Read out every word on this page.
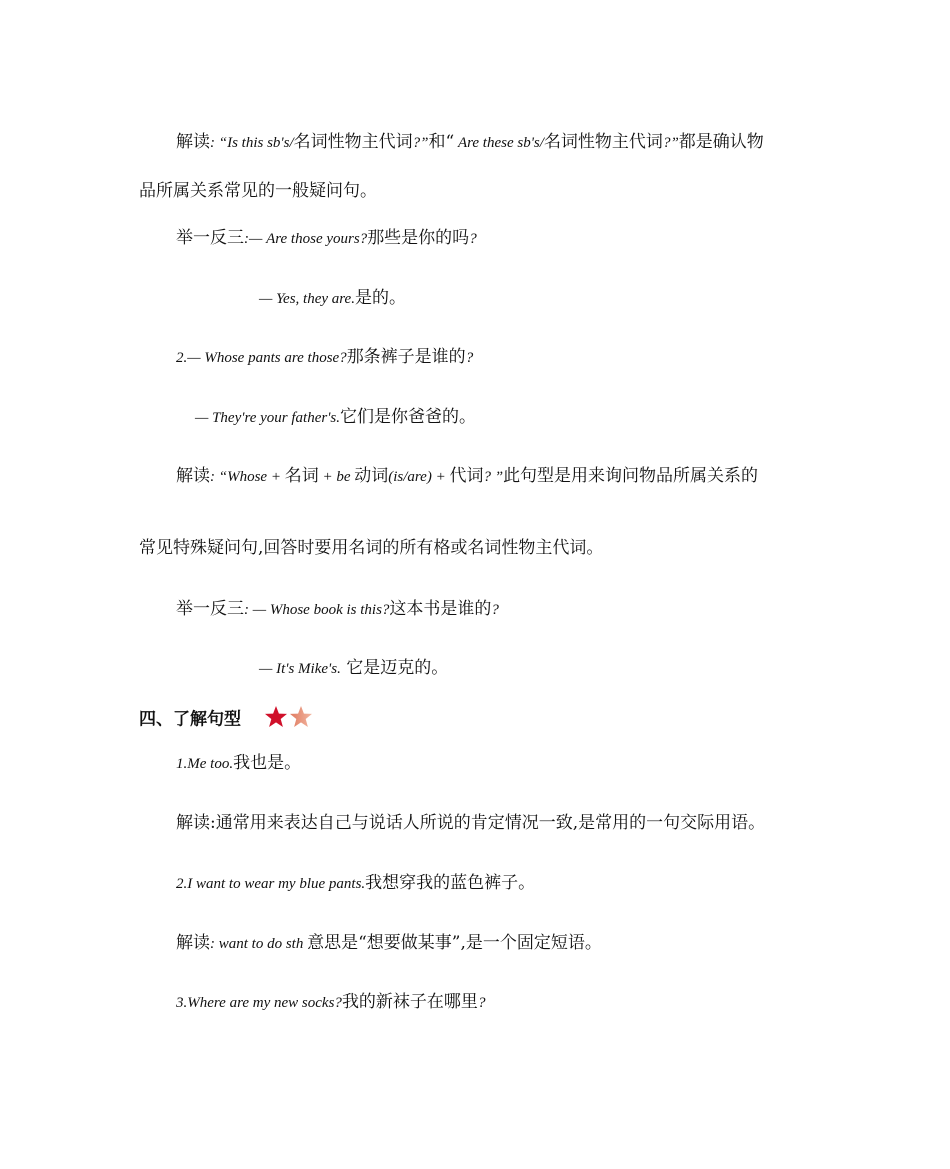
解读: “Is this sb's/名词性物主代词?”和“ Are these sb's/名词性物主代词?”都是确认物
品所属关系常见的一般疑问句。
举一反三:— Are those yours?那些是你的吗?
— Yes, they are.是的。
2.— Whose pants are those?那条裤子是谁的?
— They're your father's.它们是你爸爸的。
解读: “Whose + 名词 + be 动词(is/are) + 代词? ”此句型是用来询问物品所属关系的
常见特殊疑问句,回答时要用名词的所有格或名词性物主代词。
举一反三: — Whose book is this?这本书是谁的?
— It's Mike's. 它是迈克的。
四、了解句型
1.Me too.我也是。
解读:通常用来表达自己与说话人所说的肯定情况一致,是常用的一句交际用语。
2.I want to wear my blue pants.我想穿我的蓝色裤子。
解读: want to do sth 意思是“想要做某事”,是一个固定短语。
3.Where are my new socks?我的新袜子在哪里?
